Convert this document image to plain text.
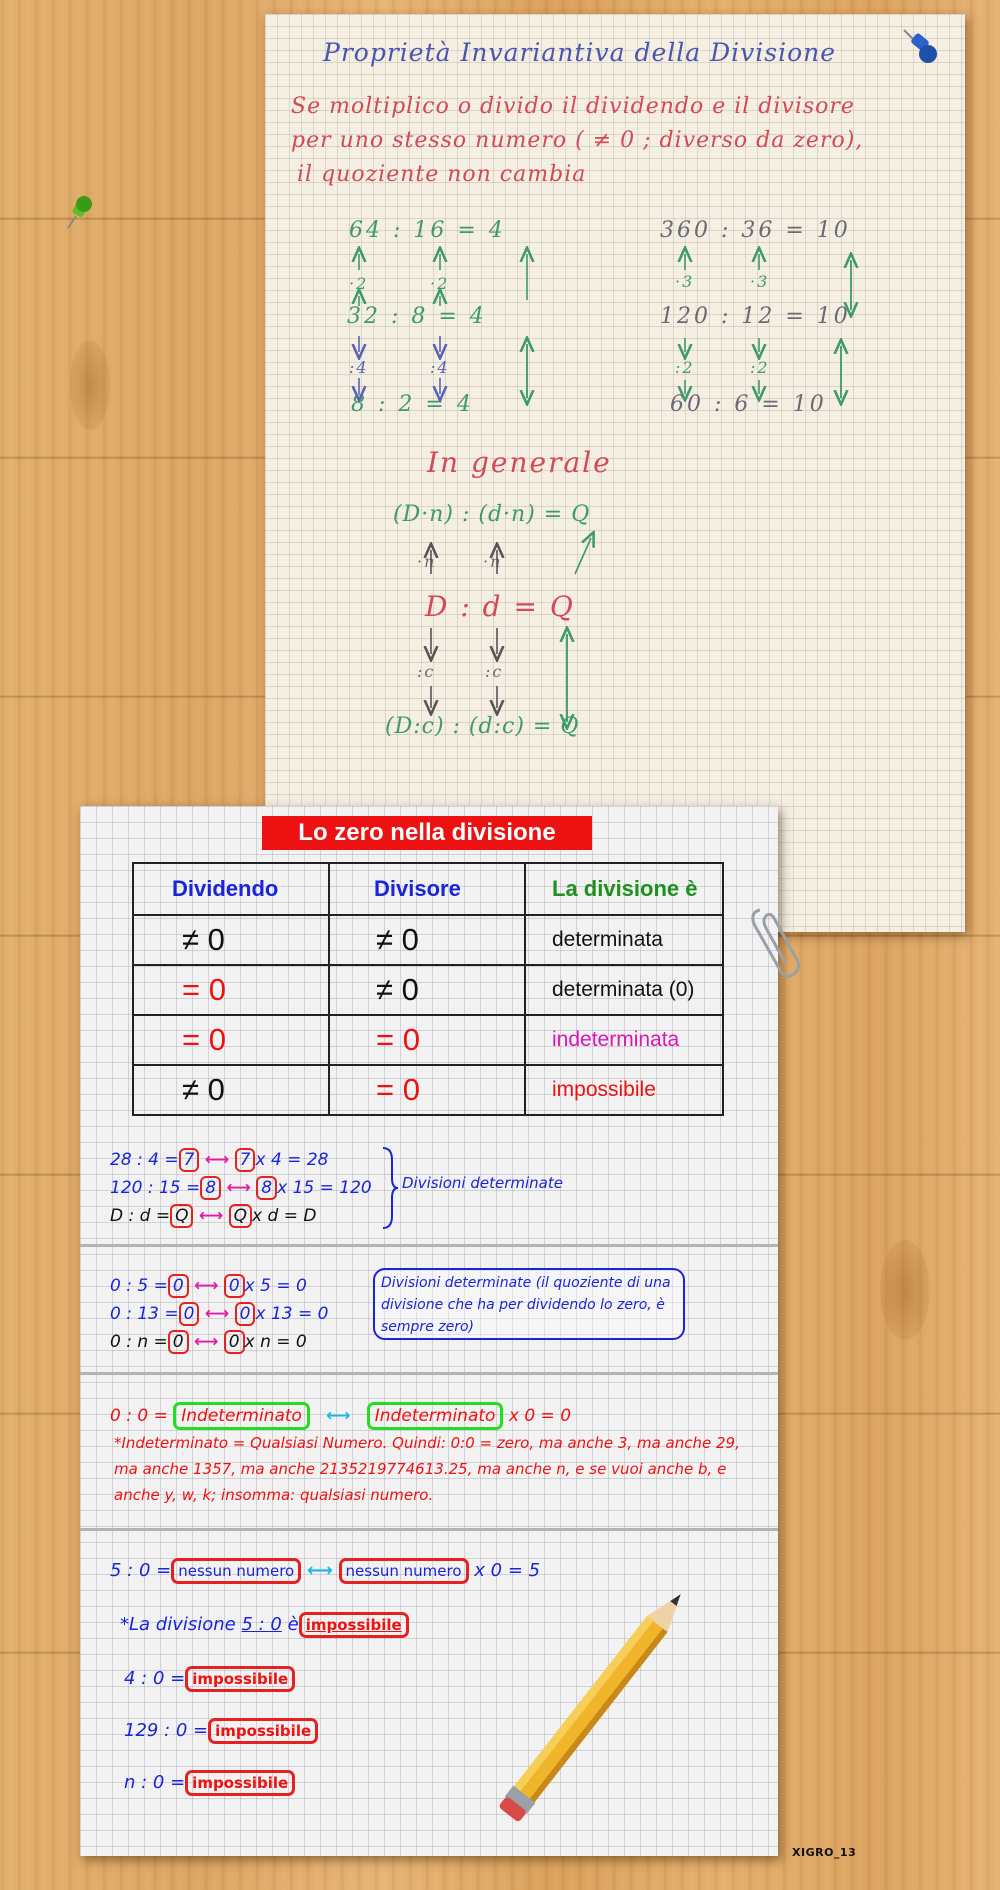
Proprietà Invariantiva della Divisione
Se moltiplico o divido il dividendo e il divisore
per uno stesso numero ( ≠ 0 ; diverso da zero),
il quoziente non cambia
64 : 16 = 4
·2	·2
32 : 8 = 4
:4	:4
8 : 2 = 4
360 : 36 = 10
·3	·3
120 : 12 = 10
:2	:2
60 : 6 = 10
In generale
(D·n) : (d·n) = Q
·n	·n
D : d = Q
:c	:c
(D:c) : (d:c) = Q
Lo zero nella divisione
Dividendo	Divisore	La divisione è
≠ 0	≠ 0	determinata
= 0	≠ 0	determinata (0)
= 0	= 0	indeterminata
≠ 0	= 0	impossibile
28 : 4 = 7 ⟷ 7 x 4 = 28
120 : 15 = 8 ⟷ 8 x 15 = 120
D : d = Q ⟷ Q x d = D
Divisioni determinate
0 : 5 = 0 ⟷ 0 x 5 = 0
0 : 13 = 0 ⟷ 0 x 13 = 0
0 : n = 0 ⟷ 0 x n = 0
Divisioni determinate (il quoziente di una divisione che ha per dividendo lo zero, è sempre zero)
0 : 0 = Indeterminato ⟷ Indeterminato x 0 = 0
*Indeterminato = Qualsiasi Numero. Quindi: 0:0 = zero, ma anche 3, ma anche 29, ma anche 1357, ma anche 2135219774613.25, ma anche n, e se vuoi anche b, e anche y, w, k; insomma: qualsiasi numero.
5 : 0 = nessun numero ⟷ nessun numero x 0 = 5
*La divisione 5 : 0 è impossibile
4 : 0 = impossibile
129 : 0 = impossibile
n : 0 = impossibile
XIGRO_13
